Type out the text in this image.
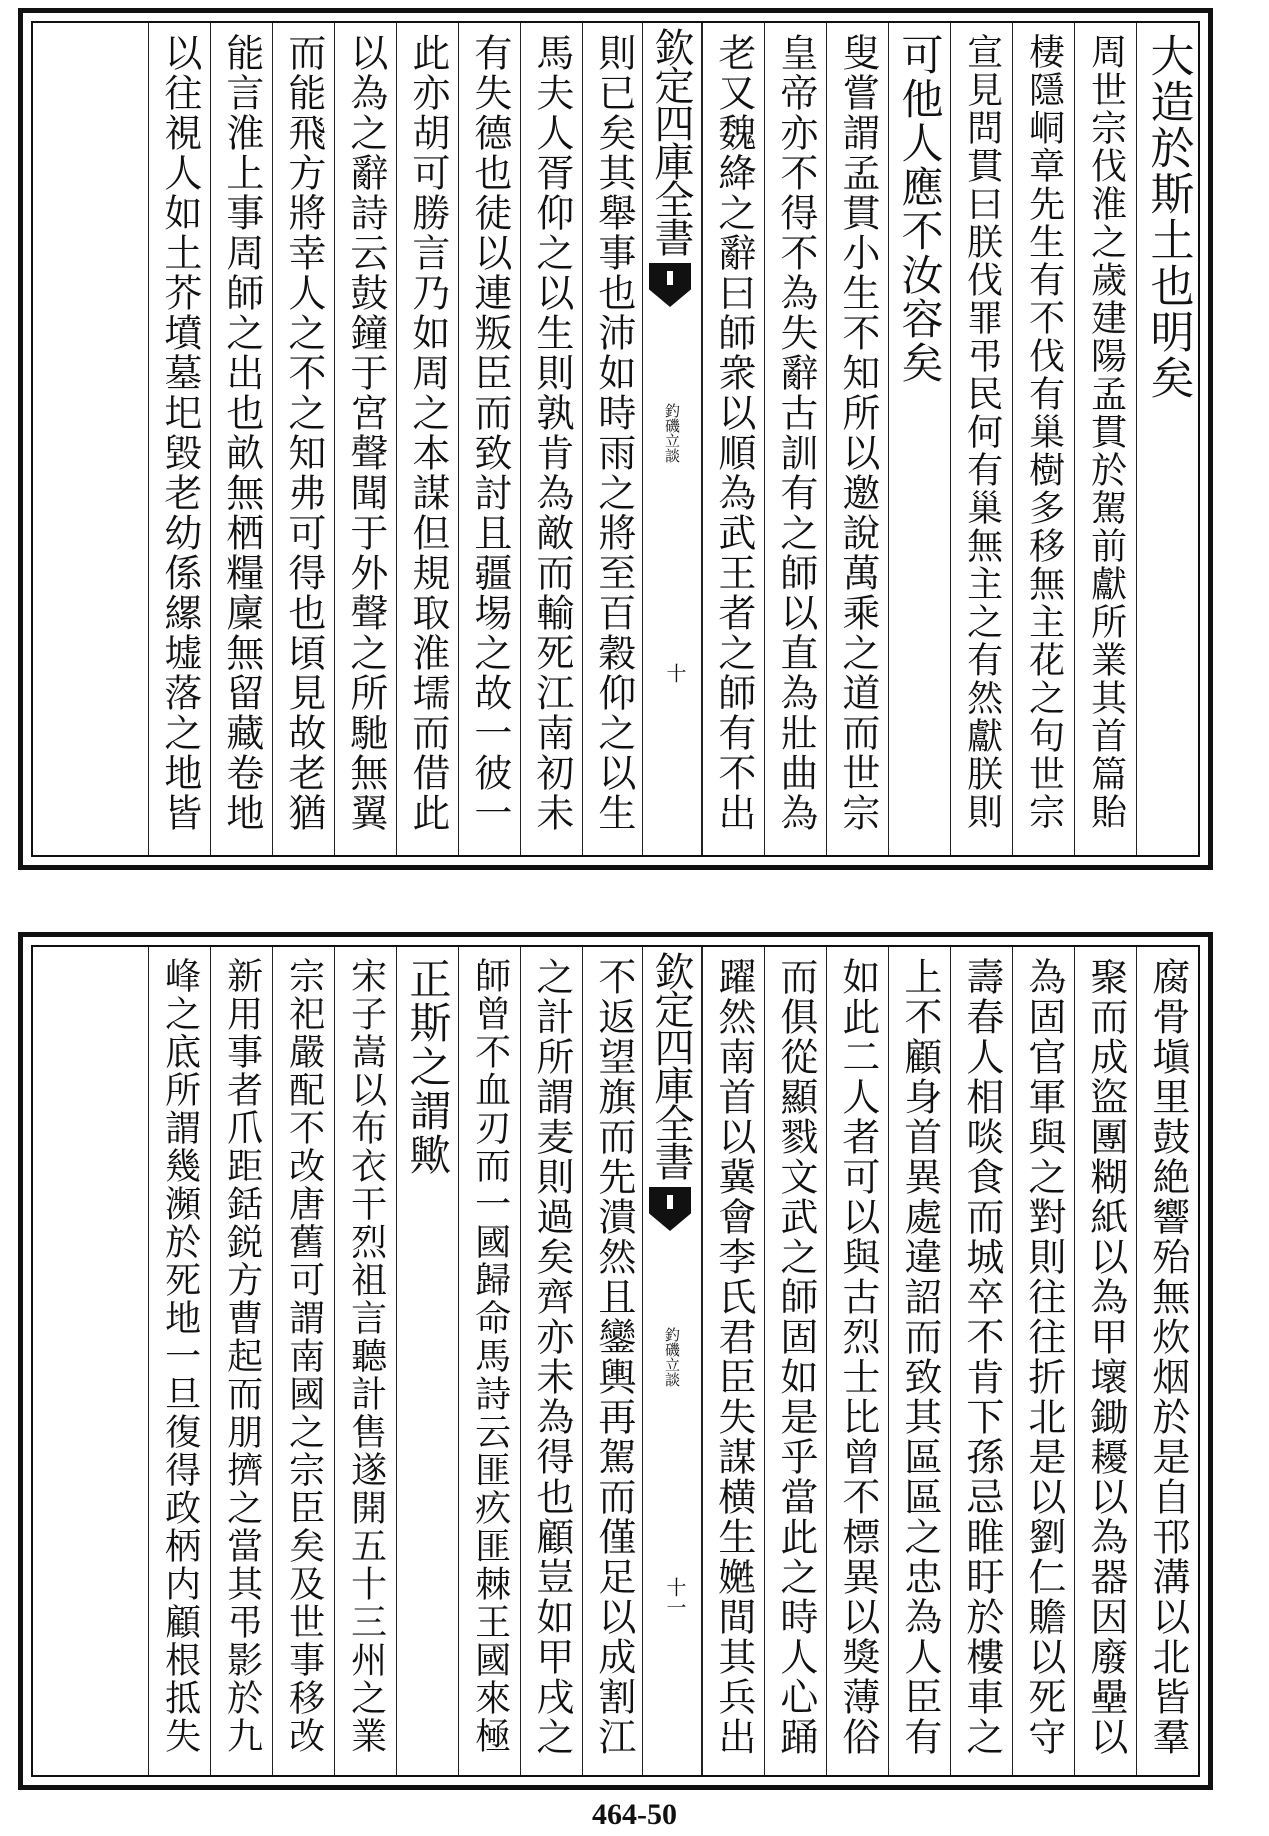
大造於斯土也明矣
周世宗伐淮之歲建陽孟貫於駕前獻所業其首篇貽
棲隱峒章先生有不伐有巢樹多移無主花之句世宗
宣見問貫曰朕伐罪弔民何有巢無主之有然獻朕則
可他人應不汝容矣
叟嘗謂孟貫小生不知所以邀說萬乘之道而世宗
皇帝亦不得不為失辭古訓有之師以直為壯曲為
老又魏絳之辭曰師衆以順為武王者之師有不出
欽定四庫全書
釣磯立談
十
則已矣其舉事也沛如時雨之將至百穀仰之以生
馬夫人胥仰之以生則孰肯為敵而輸死江南初未
有失德也徒以連叛臣而致討且疆埸之故一彼一
此亦胡可勝言乃如周之本謀但規取淮壖而借此
以為之辭詩云鼓鐘于宮聲聞于外聲之所馳無翼
而能飛方將幸人之不之知弗可得也頃見故老猶
能言淮上事周師之出也畝無栖糧廩無留藏卷地
以往視人如土芥墳墓圯毀老幼係縲墟落之地皆
腐骨塡里鼓絶響殆無炊烟於是自邗溝以北皆羣
聚而成盜團糊紙以為甲壞鋤耰以為器因廢壘以
為固官軍與之對則往往折北是以劉仁贍以死守
壽春人相啖食而城卒不肯下孫忌睢盱於樓車之
上不顧身首異處違詔而致其區區之忠為人臣有
如此二人者可以與古烈士比曾不標異以獎薄俗
而俱從顯戮文武之師固如是乎當此之時人心踊
躍然南首以冀會李氏君臣失謀横生嬎間其兵出
欽定四庫全書
釣磯立談
十一
不返望旗而先潰然且鑾輿再駕而僅足以成割江
之計所謂麦則過矣齊亦未為得也顧豈如甲戌之
師曾不血刃而一國歸命馬詩云匪疚匪棘王國來極
正斯之謂歟
宋子嵩以布衣干烈祖言聽計售遂開五十三州之業
宗祀嚴配不改唐舊可謂南國之宗臣矣及世事移改
新用事者爪距銛鋭方曹起而朋擠之當其弔影於九
峰之底所謂幾瀕於死地一旦復得政柄内顧根抵失
464-50
